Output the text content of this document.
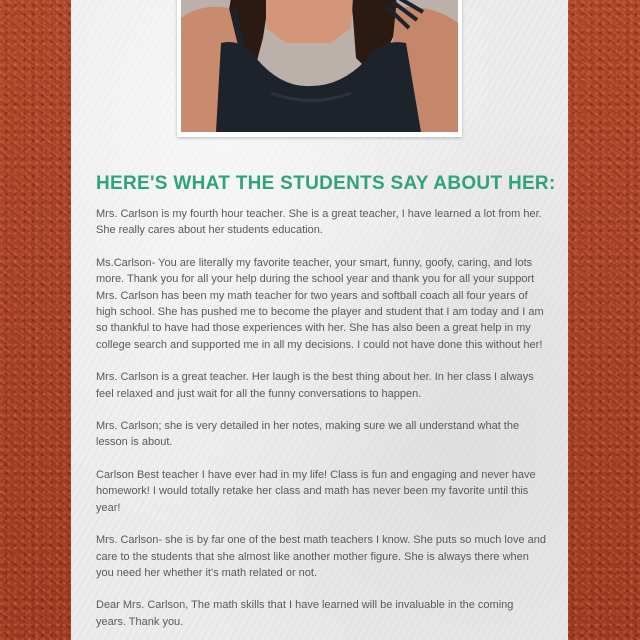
HERE'S WHAT THE STUDENTS SAY ABOUT HER:

Mrs. Carlson is my fourth hour teacher. She is a great teacher, I have learned a lot from her. She really cares about her students education.

Ms.Carlson- You are literally my favorite teacher, your smart, funny, goofy, caring, and lots more. Thank you for all your help during the school year and thank you for all your support Mrs. Carlson has been my math teacher for two years and softball coach all four years of high school. She has pushed me to become the player and student that I am today and I am so thankful to have had those experiences with her. She has also been a great help in my college search and supported me in all my decisions. I could not have done this without her!

Mrs. Carlson is a great teacher. Her laugh is the best thing about her. In her class I always feel relaxed and just wait for all the funny conversations to happen.

Mrs. Carlson; she is very detailed in her notes, making sure we all understand what the lesson is about.

Carlson Best teacher I have ever had in my life! Class is fun and engaging and never have homework! I would totally retake her class and math has never been my favorite until this year!

Mrs. Carlson- she is by far one of the best math teachers I know. She puts so much love and care to the students that she almost like another mother figure. She is always there when you need her whether it's math related or not.

Dear Mrs. Carlson, The math skills that I have learned will be invaluable in the coming years. Thank you.
